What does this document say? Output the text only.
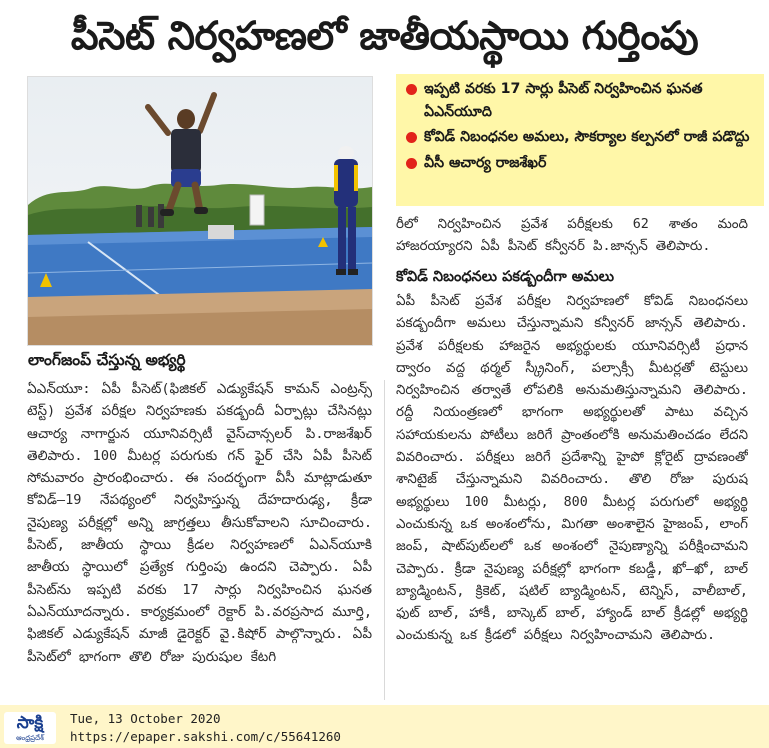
పీసెట్ నిర్వహణలో జాతీయస్థాయి గుర్తింపు
లాంగ్‌జంప్ చేస్తున్న అభ్యర్థి
ఏఎన్‌యూ: ఏపీ పీసెట్(ఫిజికల్ ఎడ్యుకేషన్ కామన్ ఎంట్రన్స్ టెస్ట్) ప్రవేశ పరీక్షల నిర్వహణకు పకడ్బందీ ఏర్పాట్లు చేసినట్లు ఆచార్య నాగార్జున యూనివర్సిటీ వైస్‌చాన్సలర్ పి.రాజశేఖర్ తెలిపారు. 100 మీటర్ల పరుగుకు గన్ ఫైర్ చేసి ఏపీ పీసెట్ సోమవారం ప్రారంభించారు. ఈ సందర్భంగా వీసీ మాట్లాడుతూ కోవిడ్–19 నేపథ్యంలో నిర్వహిస్తున్న దేహదారుఢ్య, క్రీడా నైపుణ్య పరీక్షల్లో అన్ని జాగ్రత్తలు తీసుకోవాలని సూచించారు. పీసెట్, జాతీయ స్థాయి క్రీడల నిర్వహణలో ఏఎన్‌యూకి జాతీయ స్థాయిలో ప్రత్యేక గుర్తింపు ఉందని చెప్పారు. ఏపీ పీసెట్‌ను ఇప్పటి వరకు 17 సార్లు నిర్వహించిన ఘనత ఏఎన్‌యూదన్నారు. కార్యక్రమంలో రెక్టార్ పి.వరప్రసాద మూర్తి, ఫిజికల్ ఎడ్యుకేషన్ మాజీ డైరెక్టర్ వై.కిషోర్ పాల్గొన్నారు. ఏపీ పీసెట్‌లో భాగంగా తొలి రోజు పురుషుల కేటగి
ఇప్పటి వరకు 17 సార్లు పీసెట్ నిర్వహించిన ఘనత ఏఎన్‌యూది
కోవిడ్ నిబంధనల అమలు, సౌకర్యాల కల్పనలో రాజీ పడొద్దు
వీసీ ఆచార్య రాజశేఖర్
రీలో నిర్వహించిన ప్రవేశ పరీక్షలకు 62 శాతం మంది హాజరయ్యారని ఏపీ పీసెట్ కన్వీనర్ పి.జాన్సన్ తెలిపారు.
కోవిడ్ నిబంధనలు పకడ్బందీగా అమలు
ఏపీ పీసెట్ ప్రవేశ పరీక్షల నిర్వహణలో కోవిడ్ నిబంధనలు పకడ్బందీగా అమలు చేస్తున్నామని కన్వీనర్ జాన్సన్ తెలిపారు. ప్రవేశ పరీక్షలకు హాజరైన అభ్యర్థులకు యూనివర్సిటీ ప్రధాన ద్వారం వద్ద థర్మల్ స్క్రీనింగ్, పల్సాక్సీ మీటర్లతో టెస్టులు నిర్వహించిన తర్వాతే లోపలికి అనుమతిస్తున్నామని తెలిపారు. రద్దీ నియంత్రణలో భాగంగా అభ్యర్థులతో పాటు వచ్చిన సహాయకులను పోటీలు జరిగే ప్రాంతంలోకి అనుమతించడం లేదని వివరించారు. పరీక్షలు జరిగే ప్రదేశాన్ని హైపో క్లోరైట్ ద్రావణంతో శానిటైజ్ చేస్తున్నామని వివరించారు. తొలి రోజు పురుష అభ్యర్థులు 100 మీటర్లు, 800 మీటర్ల పరుగులో అభ్యర్థి ఎంచుకున్న ఒక అంశంలోను, మిగతా అంశాలైన హైజంప్, లాంగ్ జంప్, షాట్‌పుట్‌లలో ఒక అంశంలో నైపుణ్యాన్ని పరీక్షించామని చెప్పారు. క్రీడా నైపుణ్య పరీక్షల్లో భాగంగా కబడ్డీ, ఖో–ఖో, బాల్ బ్యాడ్మింటన్, క్రికెట్, షటిల్ బ్యాడ్మింటన్, టెన్నిస్, వాలీబాల్, ఫుట్ బాల్, హాకీ, బాస్కెట్ బాల్, హ్యాండ్ బాల్ క్రీడల్లో అభ్యర్థి ఎంచుకున్న ఒక క్రీడలో పరీక్షలు నిర్వహించామని తెలిపారు.
సాక్షి
ఆంధ్రప్రదేశ్
Tue, 13 October 2020
https://epaper.sakshi.com/c/55641260
